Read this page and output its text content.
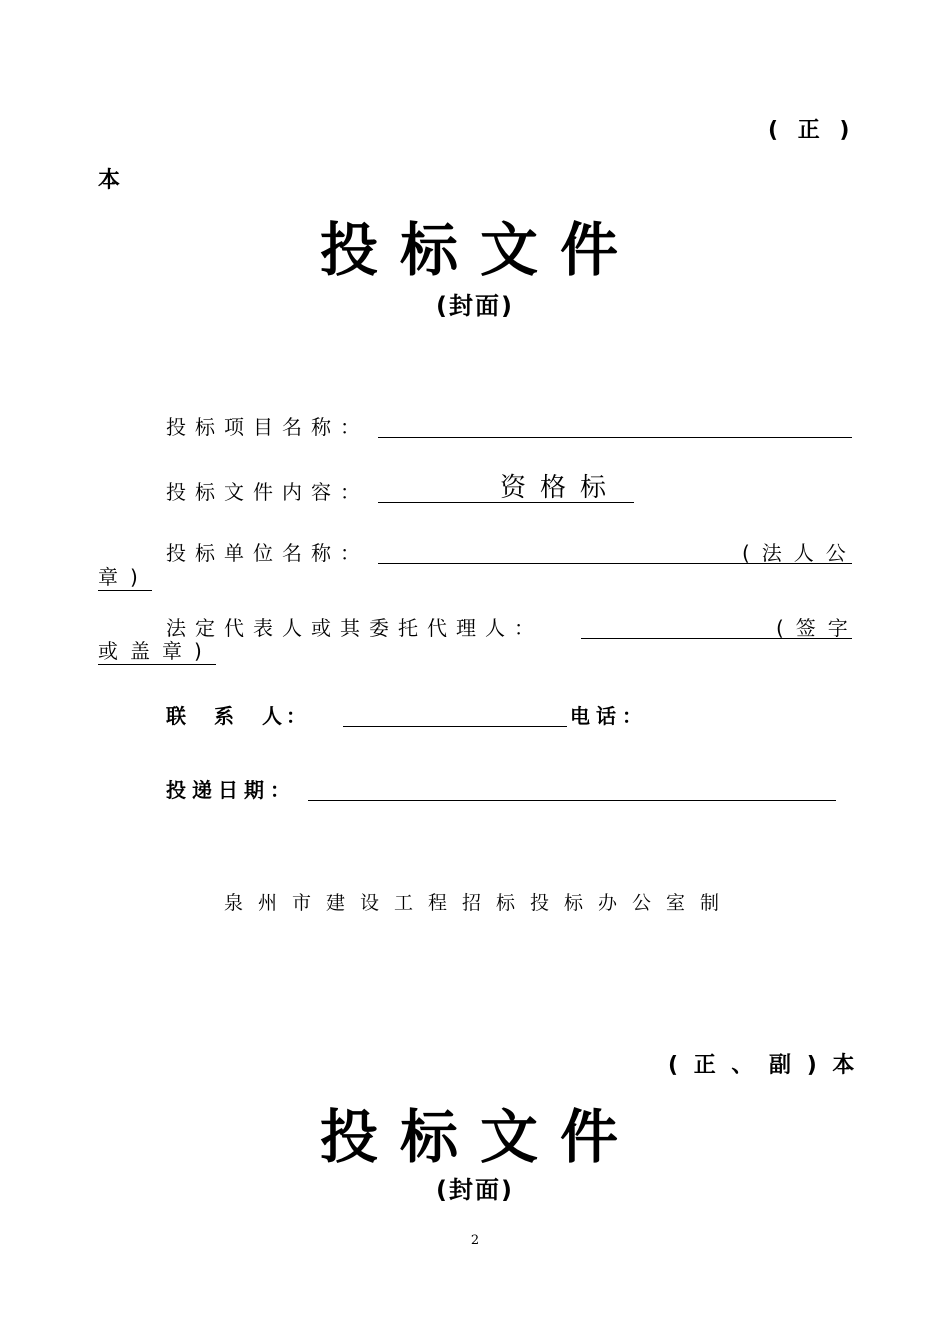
( 正 )
本
投标文件
(封面)
投标项目名称：
投标文件内容：	资格标
投标单位名称：	(法人公
章)
法定代表人或其委托代理人：	(签字
或盖章)
联　系　人：	电话：
投递日期：
泉州市建设工程招标投标办公室制
( 正 、 副 ) 本
投标文件
(封面)
2
